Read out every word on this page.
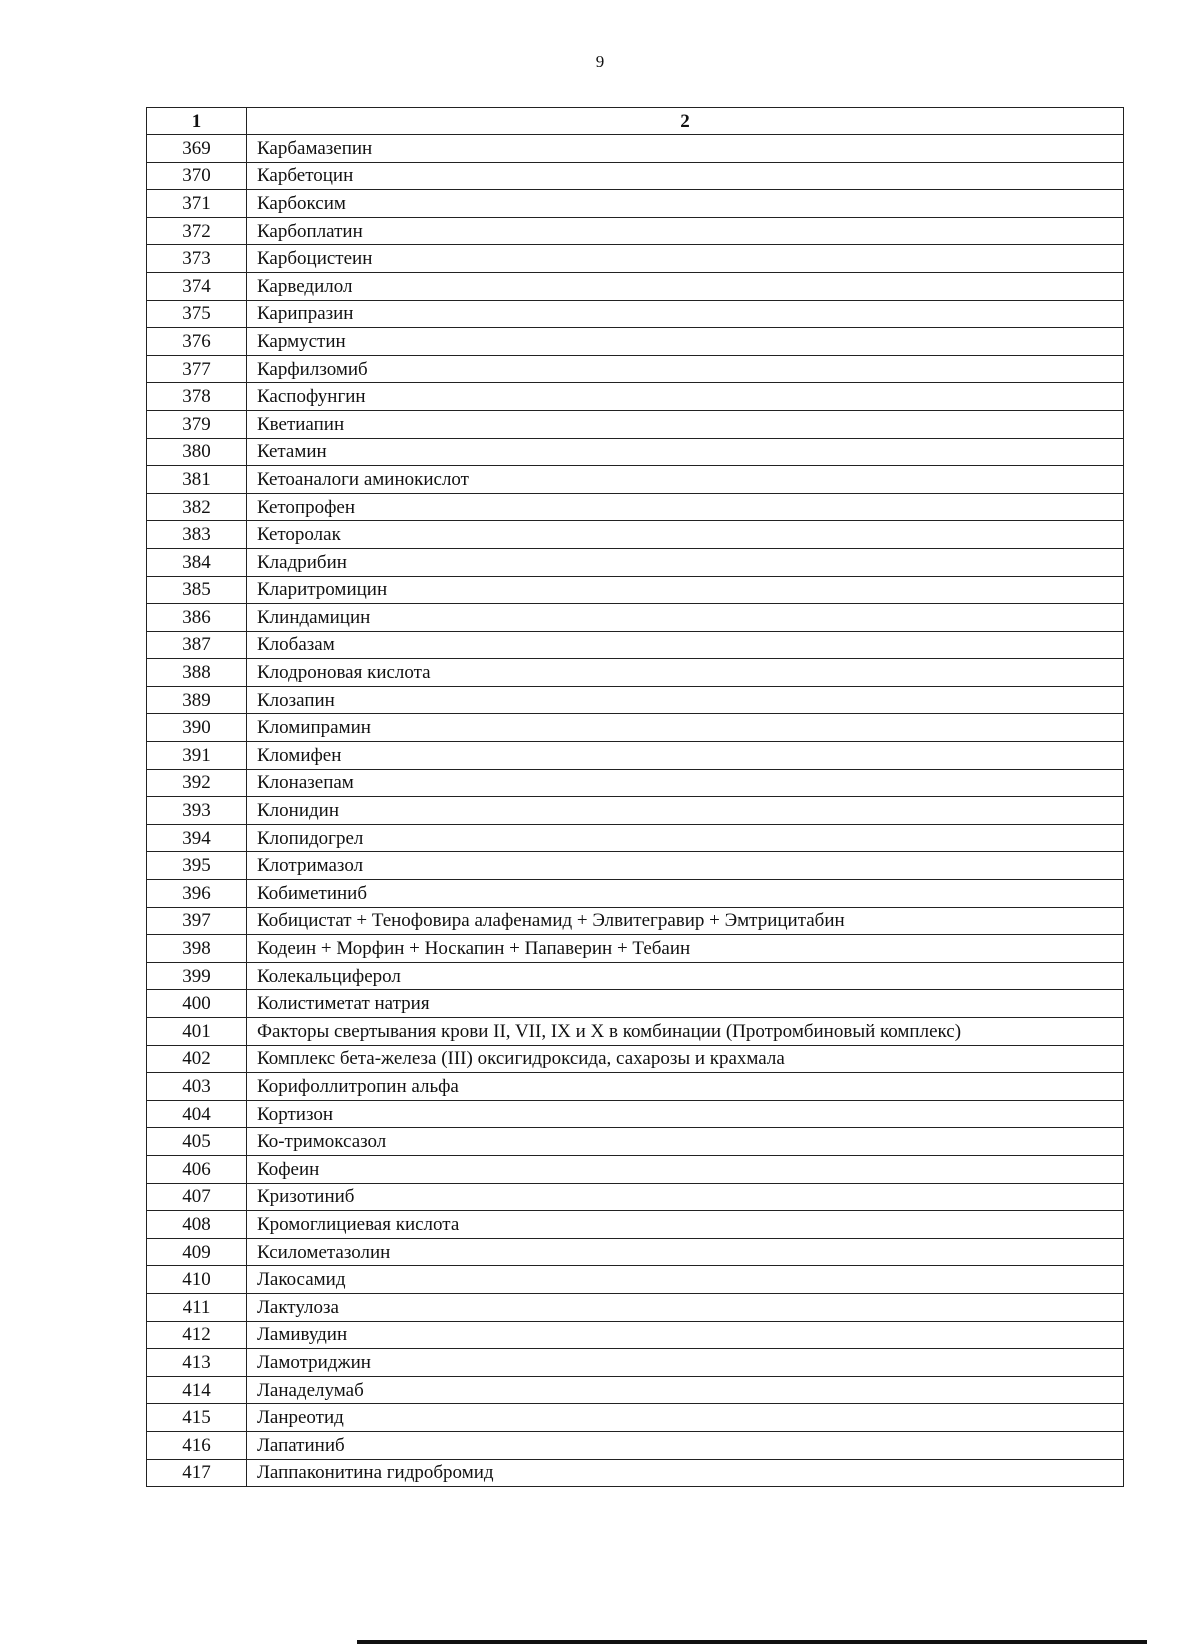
9
1	2
369	Карбамазепин
370	Карбетоцин
371	Карбоксим
372	Карбоплатин
373	Карбоцистеин
374	Карведилол
375	Карипразин
376	Кармустин
377	Карфилзомиб
378	Каспофунгин
379	Кветиапин
380	Кетамин
381	Кетоаналоги аминокислот
382	Кетопрофен
383	Кеторолак
384	Кладрибин
385	Кларитромицин
386	Клиндамицин
387	Клобазам
388	Клодроновая кислота
389	Клозапин
390	Кломипрамин
391	Кломифен
392	Клоназепам
393	Клонидин
394	Клопидогрел
395	Клотримазол
396	Кобиметиниб
397	Кобицистат + Тенофовира алафенамид + Элвитегравир + Эмтрицитабин
398	Кодеин + Морфин + Носкапин + Папаверин + Тебаин
399	Колекальциферол
400	Колистиметат натрия
401	Факторы свертывания крови II, VII, IX и X в комбинации (Протромбиновый комплекс)
402	Комплекс бета-железа (III) оксигидроксида, сахарозы и крахмала
403	Корифоллитропин альфа
404	Кортизон
405	Ко-тримоксазол
406	Кофеин
407	Кризотиниб
408	Кромоглициевая кислота
409	Ксилометазолин
410	Лакосамид
411	Лактулоза
412	Ламивудин
413	Ламотриджин
414	Ланаделумаб
415	Ланреотид
416	Лапатиниб
417	Лаппаконитина гидробромид
